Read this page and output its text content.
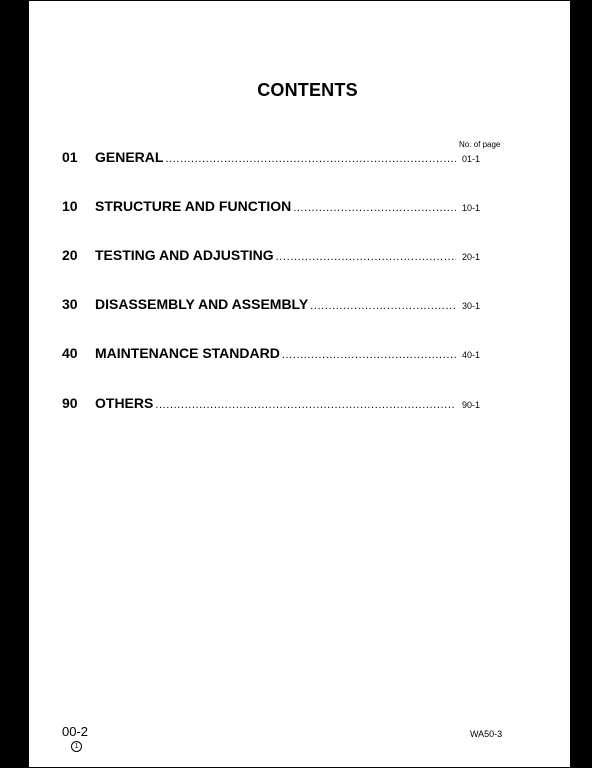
CONTENTS
No. of page
01	GENERAL .....	01-1
10	STRUCTURE AND FUNCTION .....	10-1
20	TESTING AND ADJUSTING .....	20-1
30	DISASSEMBLY AND ASSEMBLY .....	30-1
40	MAINTENANCE STANDARD .....	40-1
90	OTHERS .....	90-1
00-2
1
WA50-3
